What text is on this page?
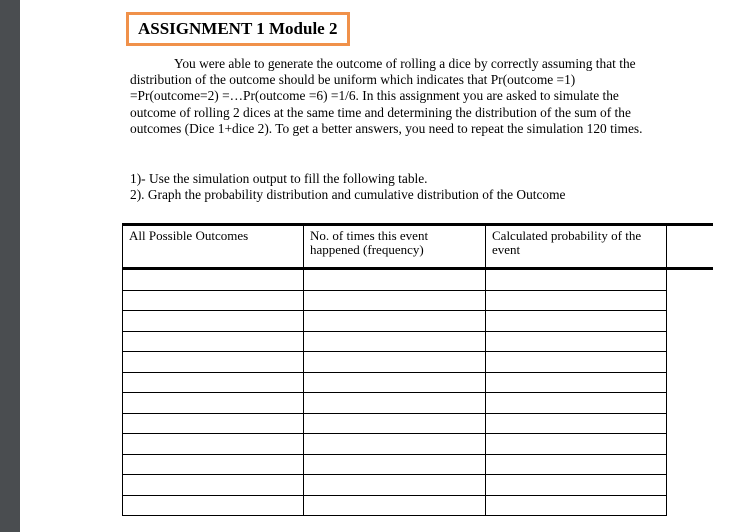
ASSIGNMENT 1 Module 2

You were able to generate the outcome of rolling a dice by correctly assuming that the distribution of the outcome should be uniform which indicates that Pr(outcome =1) =Pr(outcome=2) =…Pr(outcome =6) =1/6. In this assignment you are asked to simulate the outcome of rolling 2 dices at the same time and determining the distribution of the sum of the outcomes (Dice 1+dice 2). To get a better answers, you need to repeat the simulation 120 times.

1)- Use the simulation output to fill the following table.
2). Graph the probability distribution and cumulative distribution of the Outcome
All Possible Outcomes	No. of times this event happened (frequency)	Calculated probability of the event	
